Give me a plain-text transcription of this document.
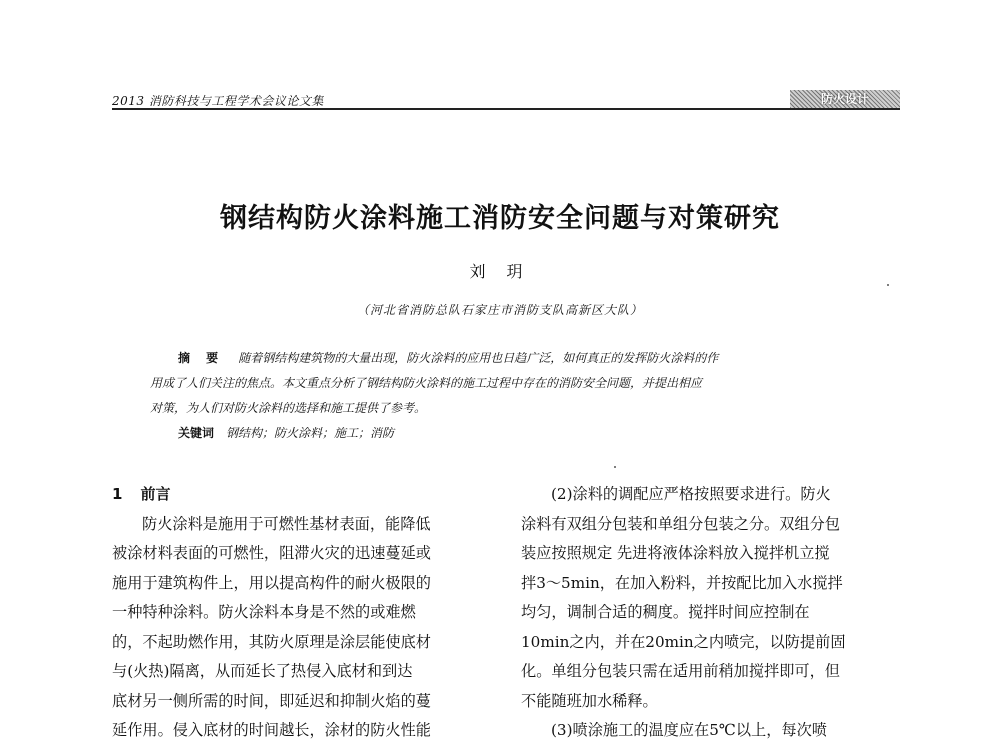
2013 消防科技与工程学术会议论文集	防火设计
钢结构防火涂料施工消防安全问题与对策研究
刘 玥
（河北省消防总队石家庄市消防支队高新区大队）
摘 要 随着钢结构建筑物的大量出现，防火涂料的应用也日趋广泛，如何真正的发挥防火涂料的作
用成了人们关注的焦点。本文重点分析了钢结构防火涂料的施工过程中存在的消防安全问题，并提出相应
对策，为人们对防火涂料的选择和施工提供了参考。
关键词 钢结构；防火涂料；施工；消防
1 前言
防火涂料是施用于可燃性基材表面，能降低
被涂材料表面的可燃性，阻滞火灾的迅速蔓延或
施用于建筑构件上，用以提高构件的耐火极限的
一种特种涂料。防火涂料本身是不然的或难燃
的，不起助燃作用，其防火原理是涂层能使底材
与(火热)隔离，从而延长了热侵入底材和到达
底材另一侧所需的时间，即延迟和抑制火焰的蔓
延作用。侵入底材的时间越长，涂材的防火性能
(2)涂料的调配应严格按照要求进行。防火
涂料有双组分包装和单组分包装之分。双组分包
装应按照规定 先进将液体涂料放入搅拌机立搅
拌3～5min，在加入粉料，并按配比加入水搅拌
均匀，调制合适的稠度。搅拌时间应控制在
10min之内，并在20min之内喷完，以防提前固
化。单组分包装只需在适用前稍加搅拌即可，但
不能随班加水稀释。
(3)喷涂施工的温度应在5℃以上，每次喷
